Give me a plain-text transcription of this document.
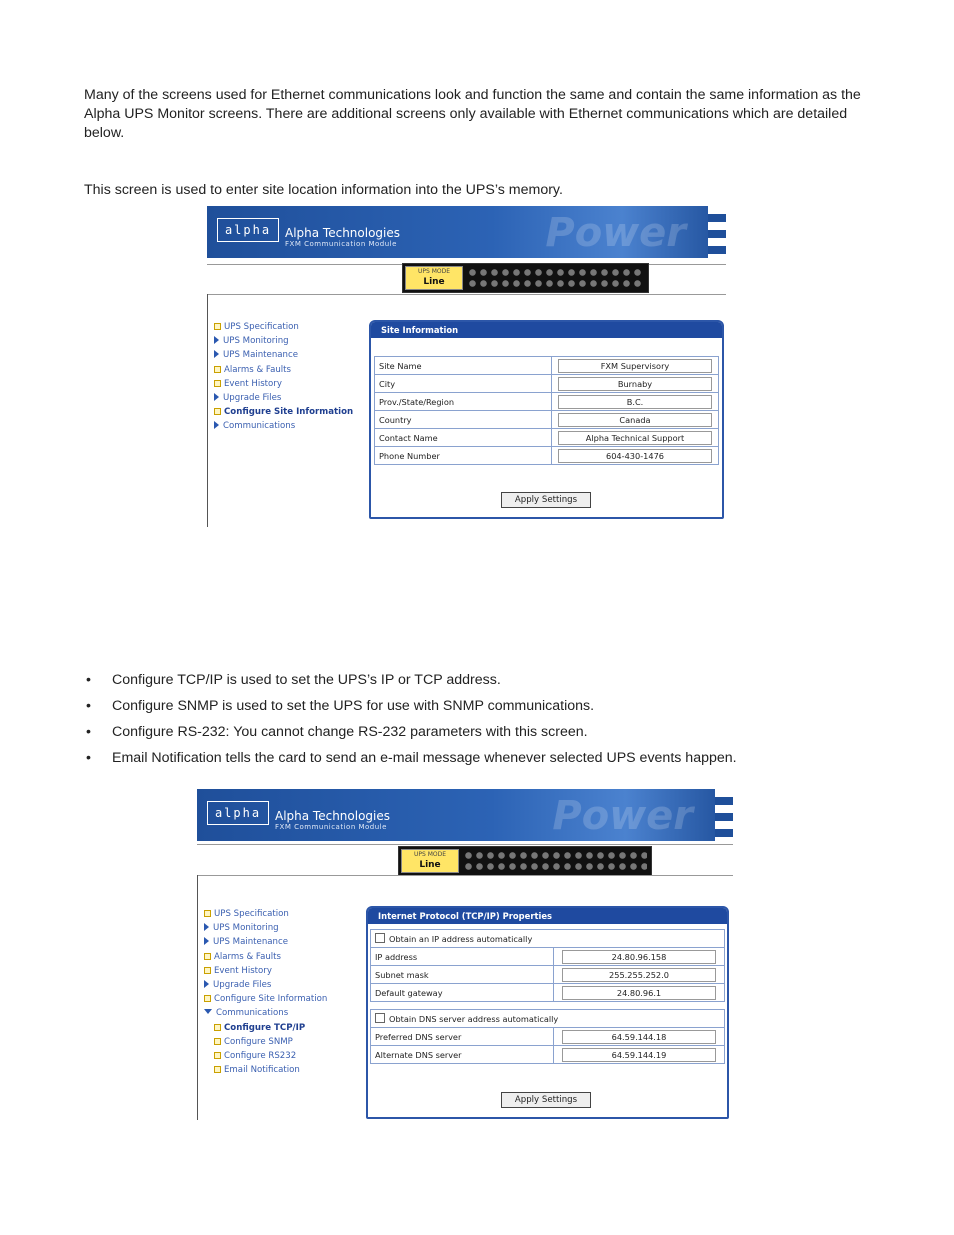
Many of the screens used for Ethernet communications look and function the same and contain the same information as the Alpha UPS Monitor screens. There are additional screens only available with Ethernet communications which are detailed below.

This screen is used to enter site location information into the UPS’s memory.

alpha	Alpha Technologies
FXM Communication Module	Power
UPS MODE
Line
UPS Specification
UPS Monitoring
UPS Maintenance
Alarms & Faults
Event History
Upgrade Files
Configure Site Information
Communications
Site Information
Site Name	FXM Supervisory

City	Burnaby

Prov./State/Region	B.C.

Country	Canada

Contact Name	Alpha Technical Support

Phone Number	604-430-1476
Apply Settings
• Configure TCP/IP is used to set the UPS’s IP or TCP address.
• Configure SNMP is used to set the UPS for use with SNMP communications.
• Configure RS-232: You cannot change RS-232 parameters with this screen.
• Email Notification tells the card to send an e-mail message whenever selected UPS events happen.
alpha	Alpha Technologies
FXM Communication Module	Power
UPS MODE
Line
UPS Specification
UPS Monitoring
UPS Maintenance
Alarms & Faults
Event History
Upgrade Files
Configure Site Information
Communications
Configure TCP/IP
Configure SNMP
Configure RS232
Email Notification
Internet Protocol (TCP/IP) Properties
Obtain an IP address automatically	
IP address	24.80.96.158

Subnet mask	255.255.252.0

Default gateway	24.80.96.1
Obtain DNS server address automatically	
Preferred DNS server	64.59.144.18

Alternate DNS server	64.59.144.19
Apply Settings
